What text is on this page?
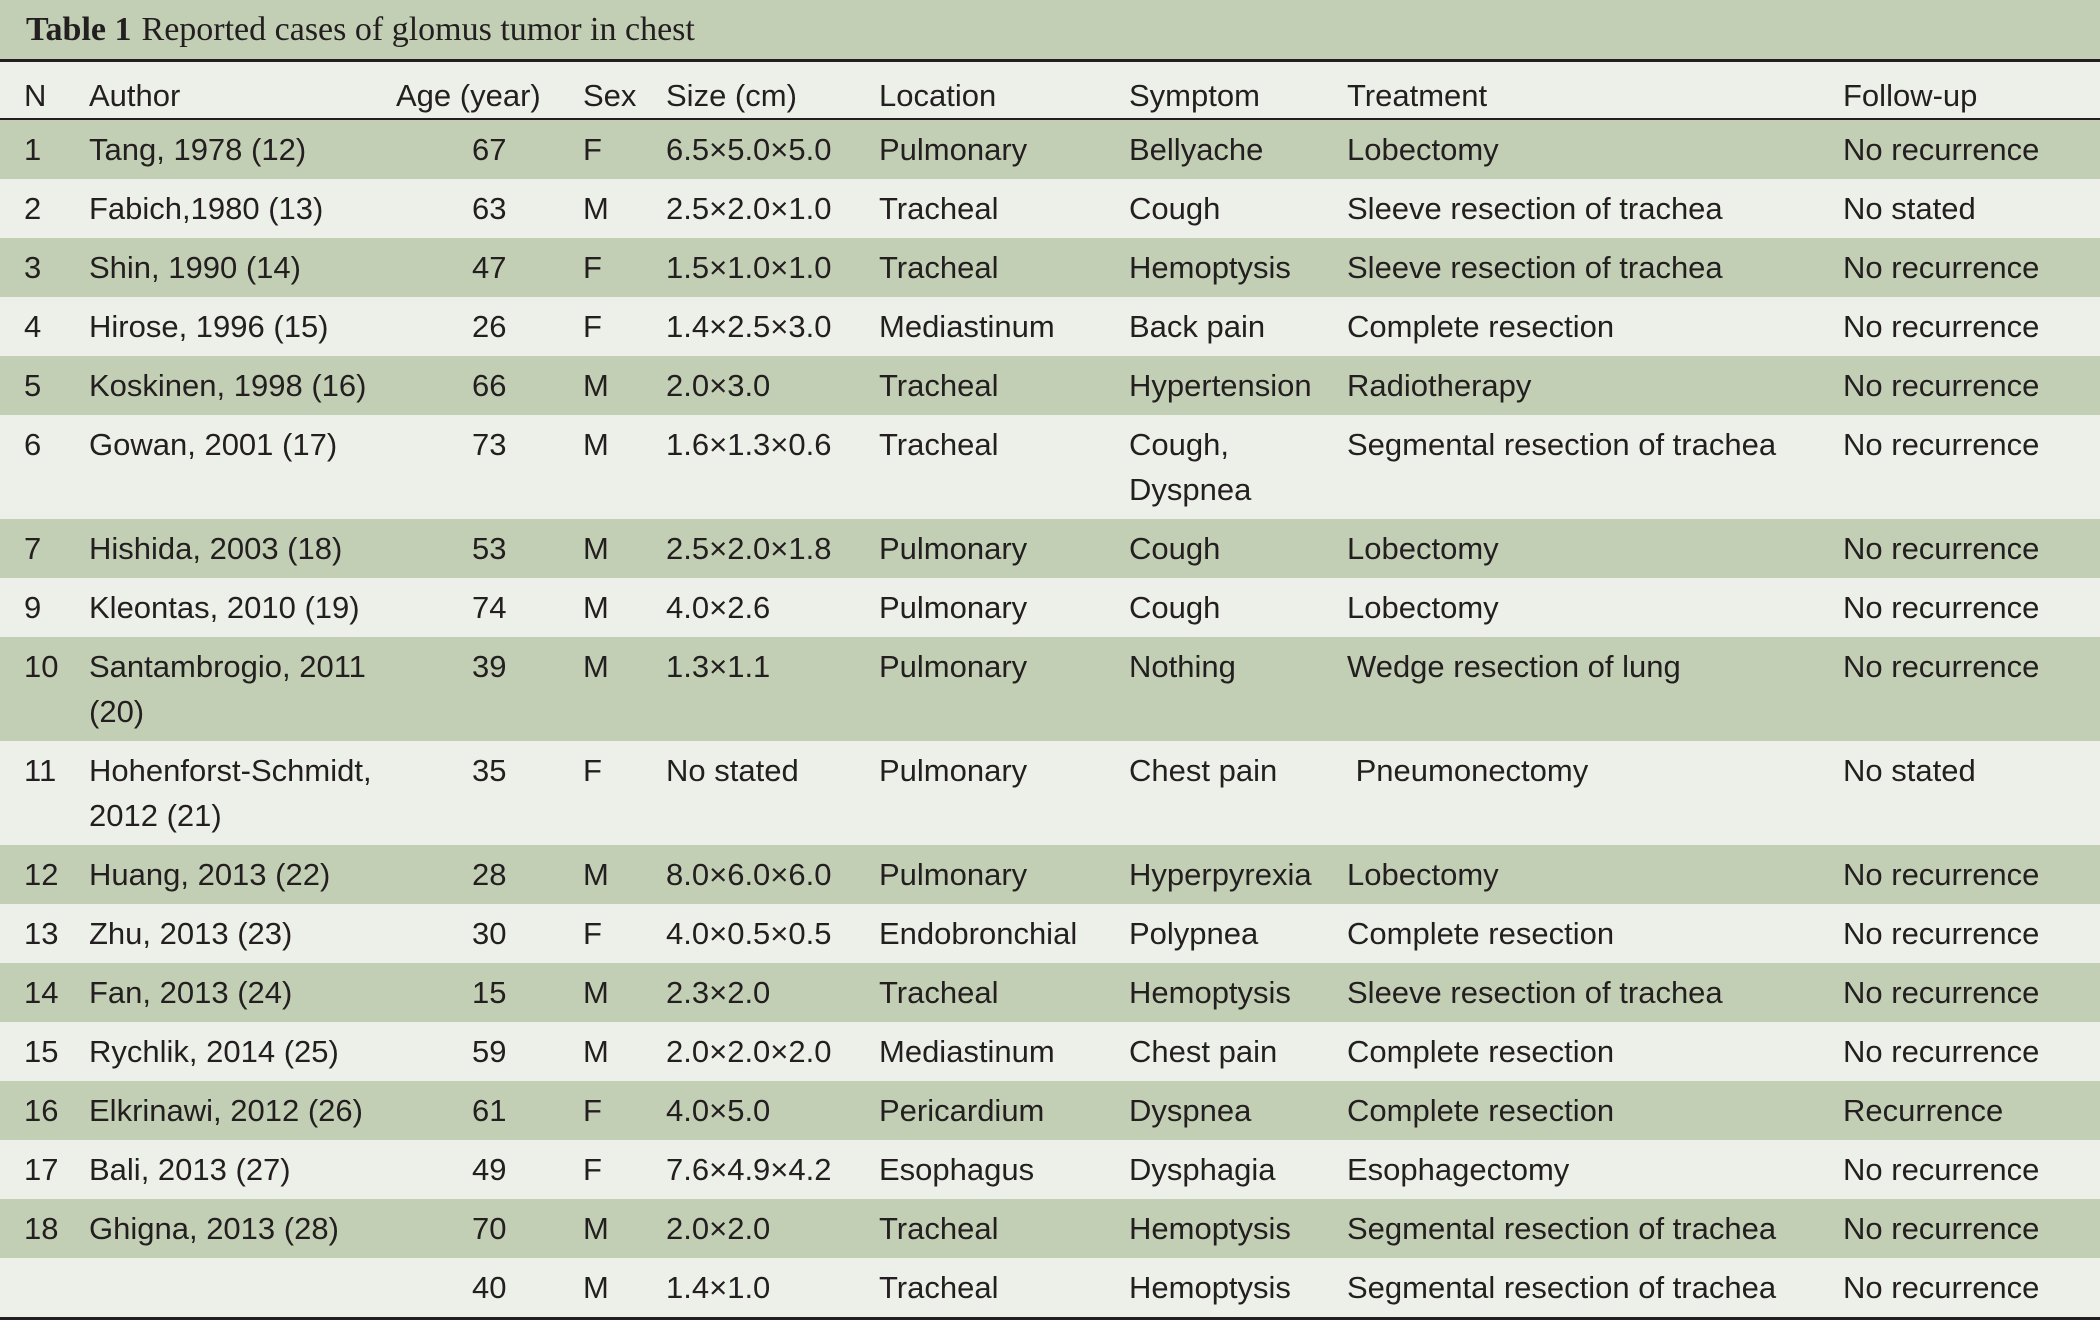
Table 1 Reported cases of glomus tumor in chest
N	Author	Age (year)	Sex	Size (cm)	Location	Symptom	Treatment	Follow-up
1	Tang, 1978 (12)	67	F	6.5×5.0×5.0	Pulmonary	Bellyache	Lobectomy	No recurrence
2	Fabich,1980 (13)	63	M	2.5×2.0×1.0	Tracheal	Cough	Sleeve resection of trachea	No stated
3	Shin, 1990 (14)	47	F	1.5×1.0×1.0	Tracheal	Hemoptysis	Sleeve resection of trachea	No recurrence
4	Hirose, 1996 (15)	26	F	1.4×2.5×3.0	Mediastinum	Back pain	Complete resection	No recurrence
5	Koskinen, 1998 (16)	66	M	2.0×3.0	Tracheal	Hypertension	Radiotherapy	No recurrence
6	Gowan, 2001 (17)	73	M	1.6×1.3×0.6	Tracheal	Cough, Dyspnea	Segmental resection of trachea	No recurrence
7	Hishida, 2003 (18)	53	M	2.5×2.0×1.8	Pulmonary	Cough	Lobectomy	No recurrence
9	Kleontas, 2010 (19)	74	M	4.0×2.6	Pulmonary	Cough	Lobectomy	No recurrence
10	Santambrogio, 2011 (20)	39	M	1.3×1.1	Pulmonary	Nothing	Wedge resection of lung	No recurrence
11	Hohenforst-Schmidt, 2012 (21)	35	F	No stated	Pulmonary	Chest pain	Pneumonectomy	No stated
12	Huang, 2013 (22)	28	M	8.0×6.0×6.0	Pulmonary	Hyperpyrexia	Lobectomy	No recurrence
13	Zhu, 2013 (23)	30	F	4.0×0.5×0.5	Endobronchial	Polypnea	Complete resection	No recurrence
14	Fan, 2013 (24)	15	M	2.3×2.0	Tracheal	Hemoptysis	Sleeve resection of trachea	No recurrence
15	Rychlik, 2014 (25)	59	M	2.0×2.0×2.0	Mediastinum	Chest pain	Complete resection	No recurrence
16	Elkrinawi, 2012 (26)	61	F	4.0×5.0	Pericardium	Dyspnea	Complete resection	Recurrence
17	Bali, 2013 (27)	49	F	7.6×4.9×4.2	Esophagus	Dysphagia	Esophagectomy	No recurrence
18	Ghigna, 2013 (28)	70	M	2.0×2.0	Tracheal	Hemoptysis	Segmental resection of trachea	No recurrence
		40	M	1.4×1.0	Tracheal	Hemoptysis	Segmental resection of trachea	No recurrence
